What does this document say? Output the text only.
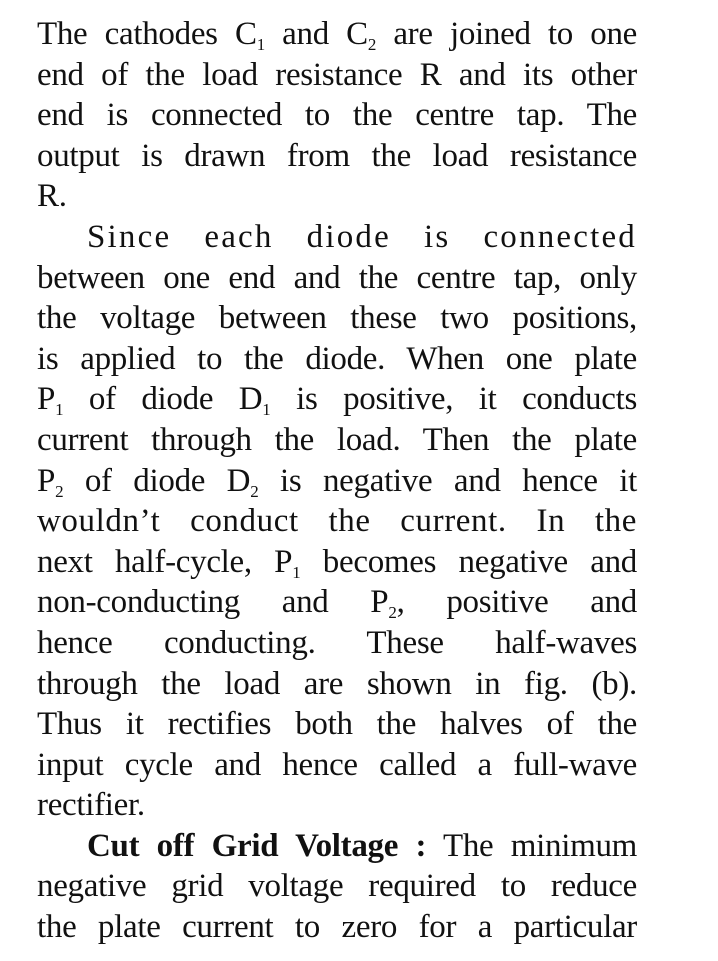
The cathodes $C_1$ and $C_2$ are joined to one
end of the load resistance R and its other
end is connected to the centre tap. The
output is drawn from the load resistance
R.
Since each diode is connected
between one end and the centre tap, only
the voltage between these two positions,
is applied to the diode. When one plate
$P_1$ of diode $D_1$ is positive, it conducts
current through the load. Then the plate
$P_2$ of diode $D_2$ is negative and hence it
wouldn’t conduct the current. In the
next half-cycle, $P_1$ becomes negative and
non-conducting and $P_2$, positive and
hence conducting. These half-waves
through the load are shown in fig. (b).
Thus it rectifies both the halves of the
input cycle and hence called a full-wave
rectifier.
Cut off Grid Voltage : The minimum
negative grid voltage required to reduce
the plate current to zero for a particular
